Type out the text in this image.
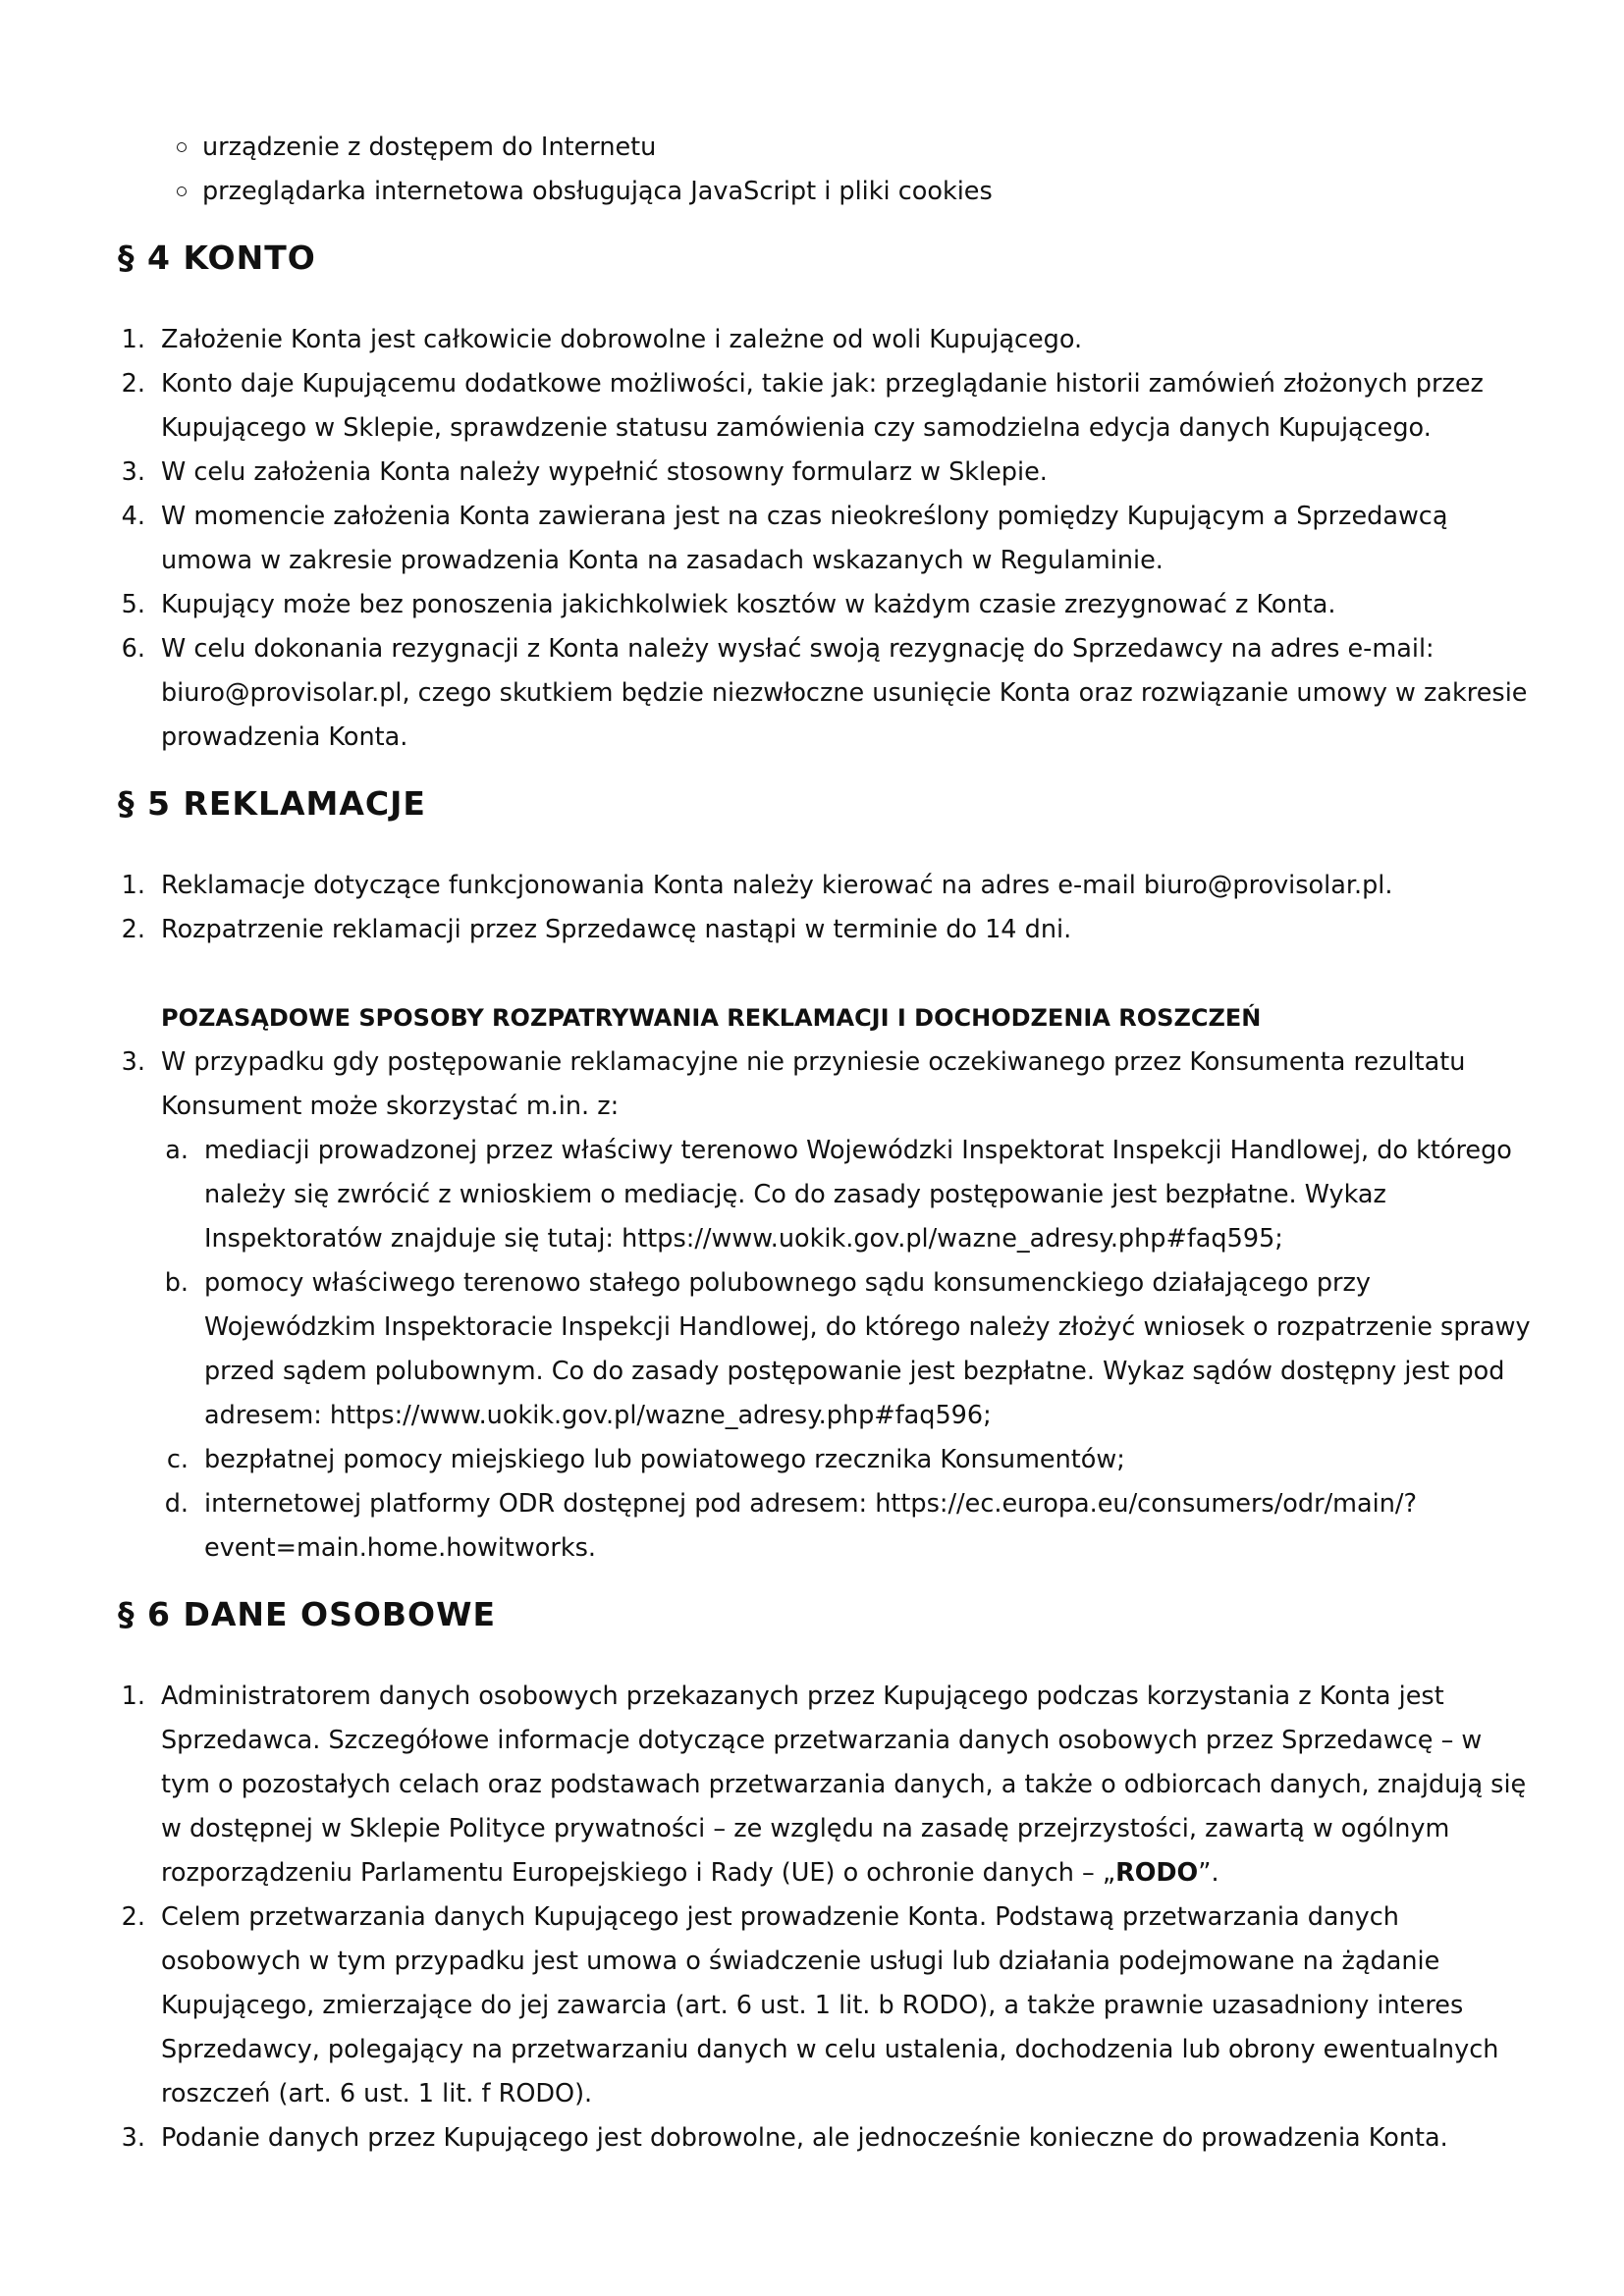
urządzenie z dostępem do Internetu
przeglądarka internetowa obsługująca JavaScript i pliki cookies
§ 4 KONTO
1. Założenie Konta jest całkowicie dobrowolne i zależne od woli Kupującego.
2. Konto daje Kupującemu dodatkowe możliwości, takie jak: przeglądanie historii zamówień złożonych przez Kupującego w Sklepie, sprawdzenie statusu zamówienia czy samodzielna edycja danych Kupującego.
3. W celu założenia Konta należy wypełnić stosowny formularz w Sklepie.
4. W momencie założenia Konta zawierana jest na czas nieokreślony pomiędzy Kupującym a Sprzedawcą umowa w zakresie prowadzenia Konta na zasadach wskazanych w Regulaminie.
5. Kupujący może bez ponoszenia jakichkolwiek kosztów w każdym czasie zrezygnować z Konta.
6. W celu dokonania rezygnacji z Konta należy wysłać swoją rezygnację do Sprzedawcy na adres e-mail: biuro@provisolar.pl, czego skutkiem będzie niezwłoczne usunięcie Konta oraz rozwiązanie umowy w zakresie prowadzenia Konta.
§ 5 REKLAMACJE
1. Reklamacje dotyczące funkcjonowania Konta należy kierować na adres e-mail biuro@provisolar.pl.
2. Rozpatrzenie reklamacji przez Sprzedawcę nastąpi w terminie do 14 dni.
POZASĄDOWE SPOSOBY ROZPATRYWANIA REKLAMACJI I DOCHODZENIA ROSZCZEŃ
3. W przypadku gdy postępowanie reklamacyjne nie przyniesie oczekiwanego przez Konsumenta rezultatu Konsument może skorzystać m.in. z:
a. mediacji prowadzonej przez właściwy terenowo Wojewódzki Inspektorat Inspekcji Handlowej, do którego należy się zwrócić z wnioskiem o mediację. Co do zasady postępowanie jest bezpłatne. Wykaz Inspektoratów znajduje się tutaj: https://www.uokik.gov.pl/wazne_adresy.php#faq595;
b. pomocy właściwego terenowo stałego polubownego sądu konsumenckiego działającego przy Wojewódzkim Inspektoracie Inspekcji Handlowej, do którego należy złożyć wniosek o rozpatrzenie sprawy przed sądem polubownym. Co do zasady postępowanie jest bezpłatne. Wykaz sądów dostępny jest pod adresem: https://www.uokik.gov.pl/wazne_adresy.php#faq596;
c. bezpłatnej pomocy miejskiego lub powiatowego rzecznika Konsumentów;
d. internetowej platformy ODR dostępnej pod adresem: https://ec.europa.eu/consumers/odr/main/?event=main.home.howitworks.
§ 6 DANE OSOBOWE
1. Administratorem danych osobowych przekazanych przez Kupującego podczas korzystania z Konta jest Sprzedawca. Szczegółowe informacje dotyczące przetwarzania danych osobowych przez Sprzedawcę – w tym o pozostałych celach oraz podstawach przetwarzania danych, a także o odbiorcach danych, znajdują się w dostępnej w Sklepie Polityce prywatności – ze względu na zasadę przejrzystości, zawartą w ogólnym rozporządzeniu Parlamentu Europejskiego i Rady (UE) o ochronie danych – „RODO”.
2. Celem przetwarzania danych Kupującego jest prowadzenie Konta. Podstawą przetwarzania danych osobowych w tym przypadku jest umowa o świadczenie usługi lub działania podejmowane na żądanie Kupującego, zmierzające do jej zawarcia (art. 6 ust. 1 lit. b RODO), a także prawnie uzasadniony interes Sprzedawcy, polegający na przetwarzaniu danych w celu ustalenia, dochodzenia lub obrony ewentualnych roszczeń (art. 6 ust. 1 lit. f RODO).
3. Podanie danych przez Kupującego jest dobrowolne, ale jednocześnie konieczne do prowadzenia Konta.
